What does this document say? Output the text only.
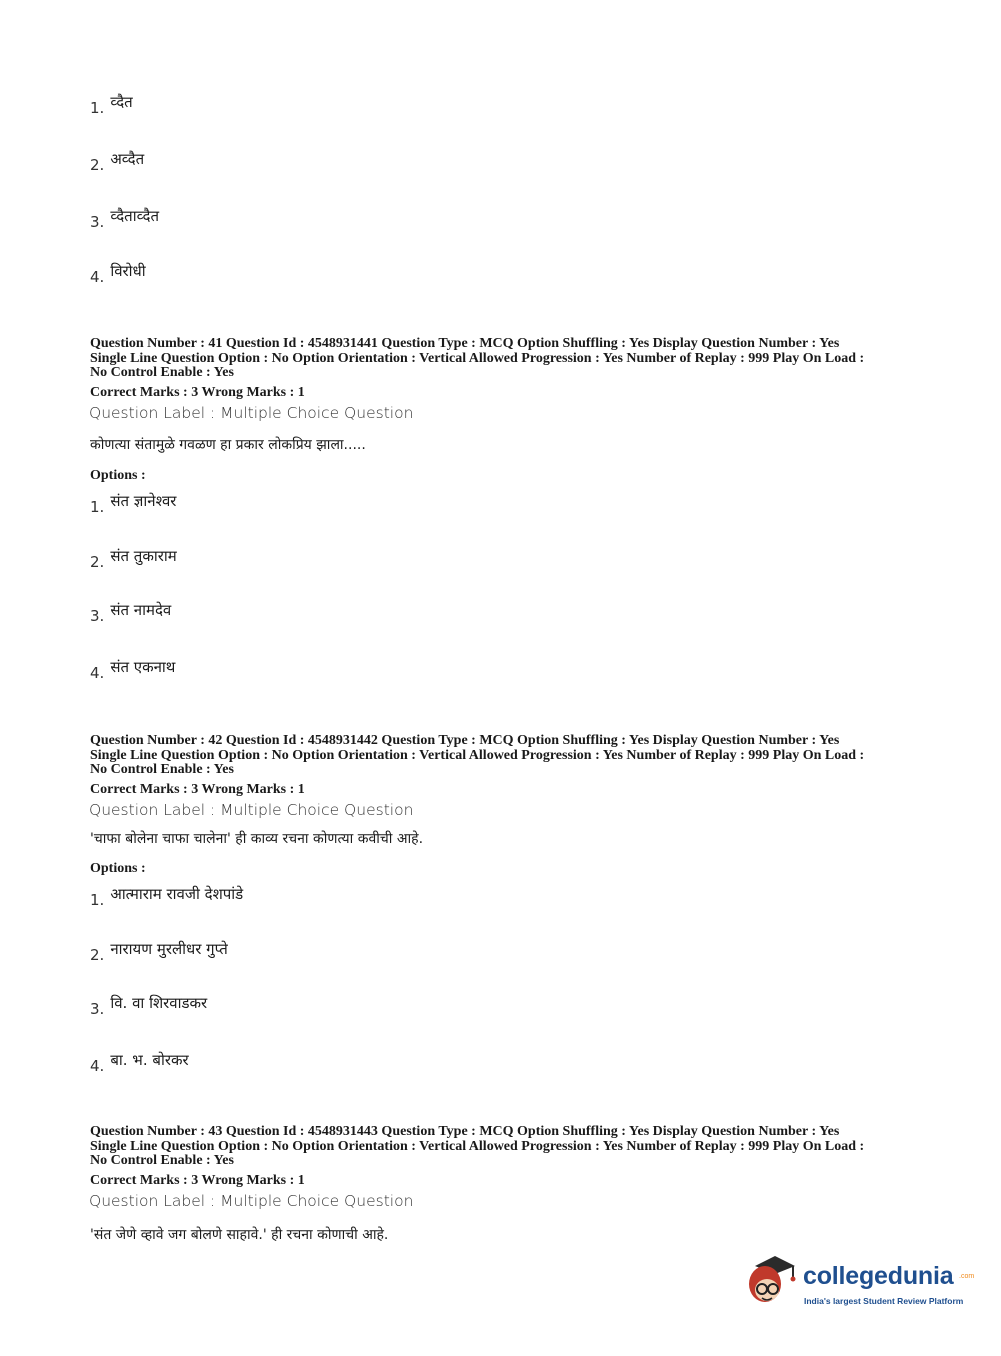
1. व्दैत
2. अव्दैत
3. व्दैताव्दैत
4. विरोधी
Question Number : 41 Question Id : 4548931441 Question Type : MCQ Option Shuffling : Yes Display Question Number : Yes
Single Line Question Option : No Option Orientation : Vertical Allowed Progression : Yes Number of Replay : 999 Play On Load :
No Control Enable : Yes
Correct Marks : 3 Wrong Marks : 1
Question Label : Multiple Choice Question
कोणत्या संतामुळे गवळण हा प्रकार लोकप्रिय झाला.....
Options :
1. संत ज्ञानेश्वर
2. संत तुकाराम
3. संत नामदेव
4. संत एकनाथ
Question Number : 42 Question Id : 4548931442 Question Type : MCQ Option Shuffling : Yes Display Question Number : Yes
Single Line Question Option : No Option Orientation : Vertical Allowed Progression : Yes Number of Replay : 999 Play On Load :
No Control Enable : Yes
Correct Marks : 3 Wrong Marks : 1
Question Label : Multiple Choice Question
'चाफा बोलेना चाफा चालेना' ही काव्य रचना कोणत्या कवीची आहे.
Options :
1. आत्माराम रावजी देशपांडे
2. नारायण मुरलीधर गुप्ते
3. वि. वा शिरवाडकर
4. बा. भ. बोरकर
Question Number : 43 Question Id : 4548931443 Question Type : MCQ Option Shuffling : Yes Display Question Number : Yes
Single Line Question Option : No Option Orientation : Vertical Allowed Progression : Yes Number of Replay : 999 Play On Load :
No Control Enable : Yes
Correct Marks : 3 Wrong Marks : 1
Question Label : Multiple Choice Question
'संत जेणे व्हावे जग बोलणे साहावे.' ही रचना कोणाची आहे.
collegedunia .com
India's largest Student Review Platform
